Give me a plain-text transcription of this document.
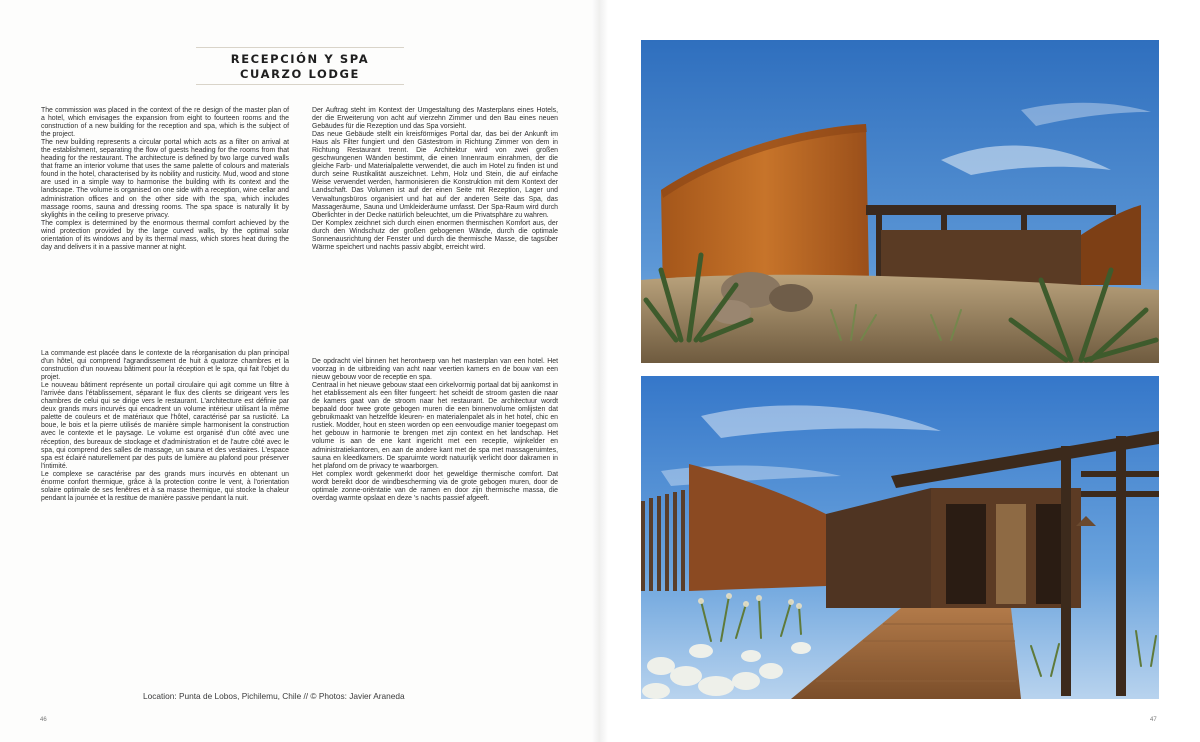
RECEPCIÓN Y SPA
CUARZO LODGE

The commission was placed in the context of the re design of the master plan of a hotel, which envisages the expansion from eight to fourteen rooms and the construction of a new building for the reception and spa, which is the subject of the project.

The new building represents a circular portal which acts as a filter on arrival at the establishment, separating the flow of guests heading for the rooms from that heading for the restaurant. The architecture is defined by two large curved walls that frame an interior volume that uses the same palette of colours and materials found in the hotel, characterised by its nobility and rusticity. Mud, wood and stone are used in a simple way to harmonise the building with its context and the landscape. The volume is organised on one side with a reception, wine cellar and administration offices and on the other side with the spa, which includes massage rooms, sauna and dressing rooms. The spa space is naturally lit by skylights in the ceiling to preserve privacy.

The complex is determined by the enormous thermal comfort achieved by the wind protection provided by the large curved walls, by the optimal solar orientation of its windows and by its thermal mass, which stores heat during the day and delivers it in a passive manner at night.

Der Auftrag steht im Kontext der Umgestaltung des Masterplans eines Hotels, der die Erweiterung von acht auf vierzehn Zimmer und den Bau eines neuen Gebäudes für die Rezeption und das Spa vorsieht.

Das neue Gebäude stellt ein kreisförmiges Portal dar, das bei der Ankunft im Haus als Filter fungiert und den Gästestrom in Richtung Zimmer von dem in Richtung Restaurant trennt. Die Architektur wird von zwei großen geschwungenen Wänden bestimmt, die einen Innenraum einrahmen, der die gleiche Farb- und Materialpalette verwendet, die auch im Hotel zu finden ist und durch seine Rustikalität auszeichnet. Lehm, Holz und Stein, die auf einfache Weise verwendet werden, harmonisieren die Konstruktion mit dem Kontext der Landschaft. Das Volumen ist auf der einen Seite mit Rezeption, Lager und Verwaltungsbüros organisiert und hat auf der anderen Seite das Spa, das Massageräume, Sauna und Umkleideräume umfasst. Der Spa-Raum wird durch Oberlichter in der Decke natürlich beleuchtet, um die Privatsphäre zu wahren.

Der Komplex zeichnet sich durch einen enormen thermischen Komfort aus, der durch den Windschutz der großen gebogenen Wände, durch die optimale Sonnenausrichtung der Fenster und durch die thermische Masse, die tagsüber Wärme speichert und nachts passiv abgibt, erreicht wird.

La commande est placée dans le contexte de la réorganisation du plan principal d'un hôtel, qui comprend l'agrandissement de huit à quatorze chambres et la construction d'un nouveau bâtiment pour la réception et le spa, qui fait l'objet du projet.

Le nouveau bâtiment représente un portail circulaire qui agit comme un filtre à l'arrivée dans l'établissement, séparant le flux des clients se dirigeant vers les chambres de celui qui se dirige vers le restaurant. L'architecture est définie par deux grands murs incurvés qui encadrent un volume intérieur utilisant la même palette de couleurs et de matériaux que l'hôtel, caractérisé par sa rusticité. La boue, le bois et la pierre utilisés de manière simple harmonisent la construction avec le contexte et le paysage. Le volume est organisé d'un côté avec une réception, des bureaux de stockage et d'administration et de l'autre côté avec le spa, qui comprend des salles de massage, un sauna et des vestiaires. L'espace spa est éclairé naturellement par des puits de lumière au plafond pour préserver l'intimité.

Le complexe se caractérise par des grands murs incurvés en obtenant un énorme confort thermique, grâce à la protection contre le vent, à l'orientation solaire optimale de ses fenêtres et à sa masse thermique, qui stocke la chaleur pendant la journée et la restitue de manière passive pendant la nuit.

De opdracht viel binnen het herontwerp van het masterplan van een hotel. Het voorzag in de uitbreiding van acht naar veertien kamers en de bouw van een nieuw gebouw voor de receptie en spa.

Centraal in het nieuwe gebouw staat een cirkelvormig portaal dat bij aankomst in het etablissement als een filter fungeert: het scheidt de stroom gasten die naar de kamers gaat van de stroom naar het restaurant. De architectuur wordt bepaald door twee grote gebogen muren die een binnenvolume omlijsten dat gebruikmaakt van hetzelfde kleuren- en materialenpalet als in het hotel, chic en rustiek. Modder, hout en steen worden op een eenvoudige manier toegepast om het gebouw in harmonie te brengen met zijn context en het landschap. Het volume is aan de ene kant ingericht met een receptie, wijnkelder en administratiekantoren, en aan de andere kant met de spa met massageruimtes, sauna en kleedkamers. De sparuimte wordt natuurlijk verlicht door dakramen in het plafond om de privacy te waarborgen.

Het complex wordt gekenmerkt door het geweldige thermische comfort. Dat wordt bereikt door de windbescherming via de grote gebogen muren, door de optimale zonne-oriëntatie van de ramen en door zijn thermische massa, die overdag warmte opslaat en deze 's nachts passief afgeeft.

Location: Punta de Lobos, Pichilemu, Chile // © Photos: Javier Araneda
46	47
